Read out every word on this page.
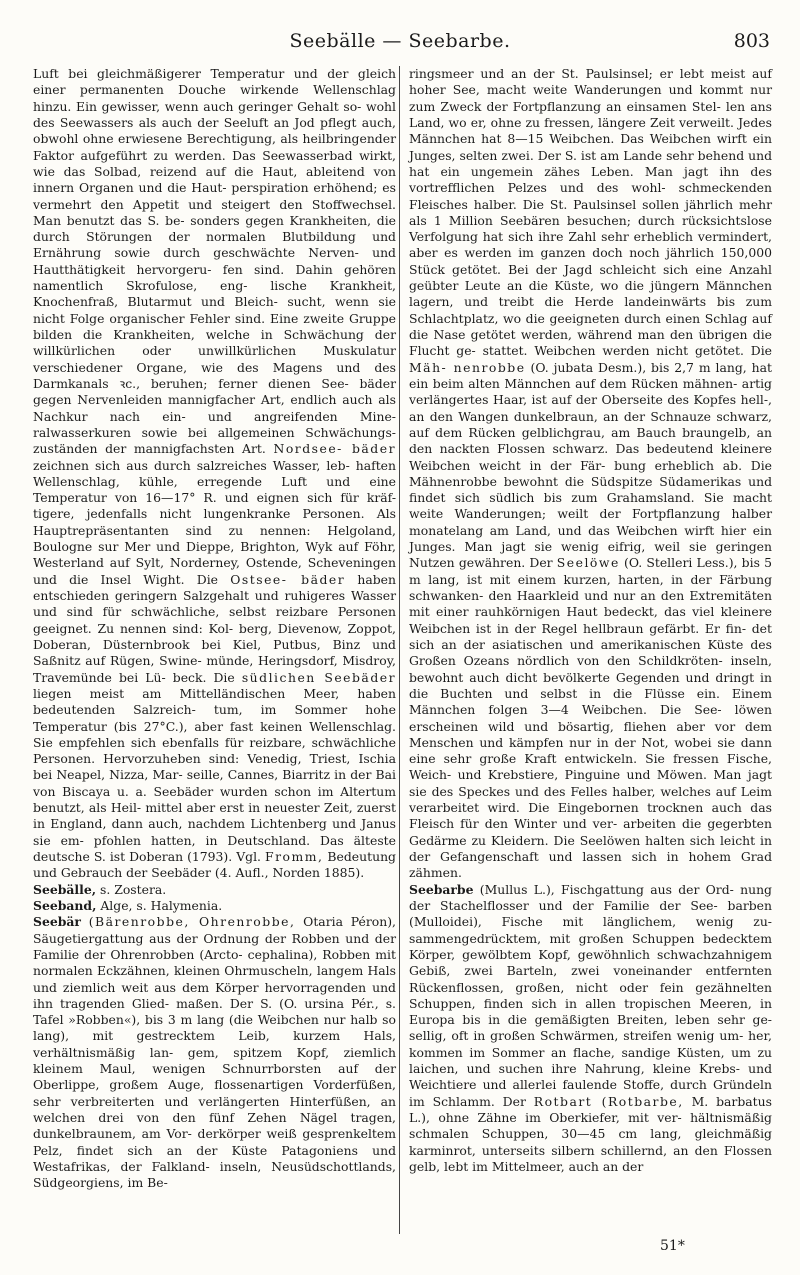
Seebälle — Seebarbe.	803

Luft bei gleichmäßigerer Temperatur und der gleich einer permanenten Douche wirkende Wellenschlag hinzu. Ein gewisser, wenn auch geringer Gehalt so- wohl des Seewassers als auch der Seeluft an Jod pflegt auch, obwohl ohne erwiesene Berechtigung, als heilbringender Faktor aufgeführt zu werden. Das Seewasserbad wirkt, wie das Solbad, reizend auf die Haut, ableitend von innern Organen und die Haut- perspiration erhöhend; es vermehrt den Appetit und steigert den Stoffwechsel. Man benutzt das S. be- sonders gegen Krankheiten, die durch Störungen der normalen Blutbildung und Ernährung sowie durch geschwächte Nerven- und Hautthätigkeit hervorgeru- fen sind. Dahin gehören namentlich Skrofulose, eng- lische Krankheit, Knochenfraß, Blutarmut und Bleich- sucht, wenn sie nicht Folge organischer Fehler sind. Eine zweite Gruppe bilden die Krankheiten, welche in Schwächung der willkürlichen oder unwillkürlichen Muskulatur verschiedener Organe, wie des Magens und des Darmkanals ꝛc., beruhen; ferner dienen See- bäder gegen Nervenleiden mannigfacher Art, endlich auch als Nachkur nach ein- und angreifenden Mine- ralwasserkuren sowie bei allgemeinen Schwächungs- zuständen der mannigfachsten Art. Nordsee- bäder zeichnen sich aus durch salzreiches Wasser, leb- haften Wellenschlag, kühle, erregende Luft und eine Temperatur von 16—17° R. und eignen sich für kräf- tigere, jedenfalls nicht lungenkranke Personen. Als Hauptrepräsentanten sind zu nennen: Helgoland, Boulogne sur Mer und Dieppe, Brighton, Wyk auf Föhr, Westerland auf Sylt, Norderney, Ostende, Scheveningen und die Insel Wight. Die Ostsee- bäder haben entschieden geringern Salzgehalt und ruhigeres Wasser und sind für schwächliche, selbst reizbare Personen geeignet. Zu nennen sind: Kol- berg, Dievenow, Zoppot, Doberan, Düsternbrook bei Kiel, Putbus, Binz und Saßnitz auf Rügen, Swine- münde, Heringsdorf, Misdroy, Travemünde bei Lü- beck. Die südlichen Seebäder liegen meist am Mittelländischen Meer, haben bedeutenden Salzreich- tum, im Sommer hohe Temperatur (bis 27°C.), aber fast keinen Wellenschlag. Sie empfehlen sich ebenfalls für reizbare, schwächliche Personen. Hervorzuheben sind: Venedig, Triest, Ischia bei Neapel, Nizza, Mar- seille, Cannes, Biarritz in der Bai von Biscaya u. a. Seebäder wurden schon im Altertum benutzt, als Heil- mittel aber erst in neuester Zeit, zuerst in England, dann auch, nachdem Lichtenberg und Janus sie em- pfohlen hatten, in Deutschland. Das älteste deutsche S. ist Doberan (1793). Vgl. Fromm, Bedeutung und Gebrauch der Seebäder (4. Aufl., Norden 1885).

Seebälle, s. Zostera.

Seeband, Alge, s. Halymenia.

Seebär (Bärenrobbe, Ohrenrobbe, Otaria Péron), Säugetiergattung aus der Ordnung der Robben und der Familie der Ohrenrobben (Arcto- cephalina), Robben mit normalen Eckzähnen, kleinen Ohrmuscheln, langem Hals und ziemlich weit aus dem Körper hervorragenden und ihn tragenden Glied- maßen. Der S. (O. ursina Pér., s. Tafel »Robben«), bis 3 m lang (die Weibchen nur halb so lang), mit gestrecktem Leib, kurzem Hals, verhältnismäßig lan- gem, spitzem Kopf, ziemlich kleinem Maul, wenigen Schnurrborsten auf der Oberlippe, großem Auge, flossenartigen Vorderfüßen, sehr verbreiterten und verlängerten Hinterfüßen, an welchen drei von den fünf Zehen Nägel tragen, dunkelbraunem, am Vor- derkörper weiß gesprenkeltem Pelz, findet sich an der Küste Patagoniens und Westafrikas, der Falkland- inseln, Neusüdschottlands, Südgeorgiens, im Be-

ringsmeer und an der St. Paulsinsel; er lebt meist auf hoher See, macht weite Wanderungen und kommt nur zum Zweck der Fortpflanzung an einsamen Stel- len ans Land, wo er, ohne zu fressen, längere Zeit verweilt. Jedes Männchen hat 8—15 Weibchen. Das Weibchen wirft ein Junges, selten zwei. Der S. ist am Lande sehr behend und hat ein ungemein zähes Leben. Man jagt ihn des vortrefflichen Pelzes und des wohl- schmeckenden Fleisches halber. Die St. Paulsinsel sollen jährlich mehr als 1 Million Seebären besuchen; durch rücksichtslose Verfolgung hat sich ihre Zahl sehr erheblich vermindert, aber es werden im ganzen doch noch jährlich 150,000 Stück getötet. Bei der Jagd schleicht sich eine Anzahl geübter Leute an die Küste, wo die jüngern Männchen lagern, und treibt die Herde landeinwärts bis zum Schlachtplatz, wo die geeigneten durch einen Schlag auf die Nase getötet werden, während man den übrigen die Flucht ge- stattet. Weibchen werden nicht getötet. Die Mäh- nenrobbe (O. jubata Desm.), bis 2,7 m lang, hat ein beim alten Männchen auf dem Rücken mähnen- artig verlängertes Haar, ist auf der Oberseite des Kopfes hell-, an den Wangen dunkelbraun, an der Schnauze schwarz, auf dem Rücken gelblichgrau, am Bauch braungelb, an den nackten Flossen schwarz. Das bedeutend kleinere Weibchen weicht in der Fär- bung erheblich ab. Die Mähnenrobbe bewohnt die Südspitze Südamerikas und findet sich südlich bis zum Grahamsland. Sie macht weite Wanderungen; weilt der Fortpflanzung halber monatelang am Land, und das Weibchen wirft hier ein Junges. Man jagt sie wenig eifrig, weil sie geringen Nutzen gewähren. Der Seelöwe (O. Stelleri Less.), bis 5 m lang, ist mit einem kurzen, harten, in der Färbung schwanken- den Haarkleid und nur an den Extremitäten mit einer rauhkörnigen Haut bedeckt, das viel kleinere Weibchen ist in der Regel hellbraun gefärbt. Er fin- det sich an der asiatischen und amerikanischen Küste des Großen Ozeans nördlich von den Schildkröten- inseln, bewohnt auch dicht bevölkerte Gegenden und dringt in die Buchten und selbst in die Flüsse ein. Einem Männchen folgen 3—4 Weibchen. Die See- löwen erscheinen wild und bösartig, fliehen aber vor dem Menschen und kämpfen nur in der Not, wobei sie dann eine sehr große Kraft entwickeln. Sie fressen Fische, Weich- und Krebstiere, Pinguine und Möwen. Man jagt sie des Speckes und des Felles halber, welches auf Leim verarbeitet wird. Die Eingebornen trocknen auch das Fleisch für den Winter und ver- arbeiten die gegerbten Gedärme zu Kleidern. Die Seelöwen halten sich leicht in der Gefangenschaft und lassen sich in hohem Grad zähmen.

Seebarbe (Mullus L.), Fischgattung aus der Ord- nung der Stachelflosser und der Familie der See- barben (Mulloidei), Fische mit länglichem, wenig zu- sammengedrücktem, mit großen Schuppen bedecktem Körper, gewölbtem Kopf, gewöhnlich schwachzahnigem Gebiß, zwei Barteln, zwei voneinander entfernten Rückenflossen, großen, nicht oder fein gezähnelten Schuppen, finden sich in allen tropischen Meeren, in Europa bis in die gemäßigten Breiten, leben sehr ge- sellig, oft in großen Schwärmen, streifen wenig um- her, kommen im Sommer an flache, sandige Küsten, um zu laichen, und suchen ihre Nahrung, kleine Krebs- und Weichtiere und allerlei faulende Stoffe, durch Gründeln im Schlamm. Der Rotbart (Rotbarbe, M. barbatus L.), ohne Zähne im Oberkiefer, mit ver- hältnismäßig schmalen Schuppen, 30—45 cm lang, gleichmäßig karminrot, unterseits silbern schillernd, an den Flossen gelb, lebt im Mittelmeer, auch an der

51*
